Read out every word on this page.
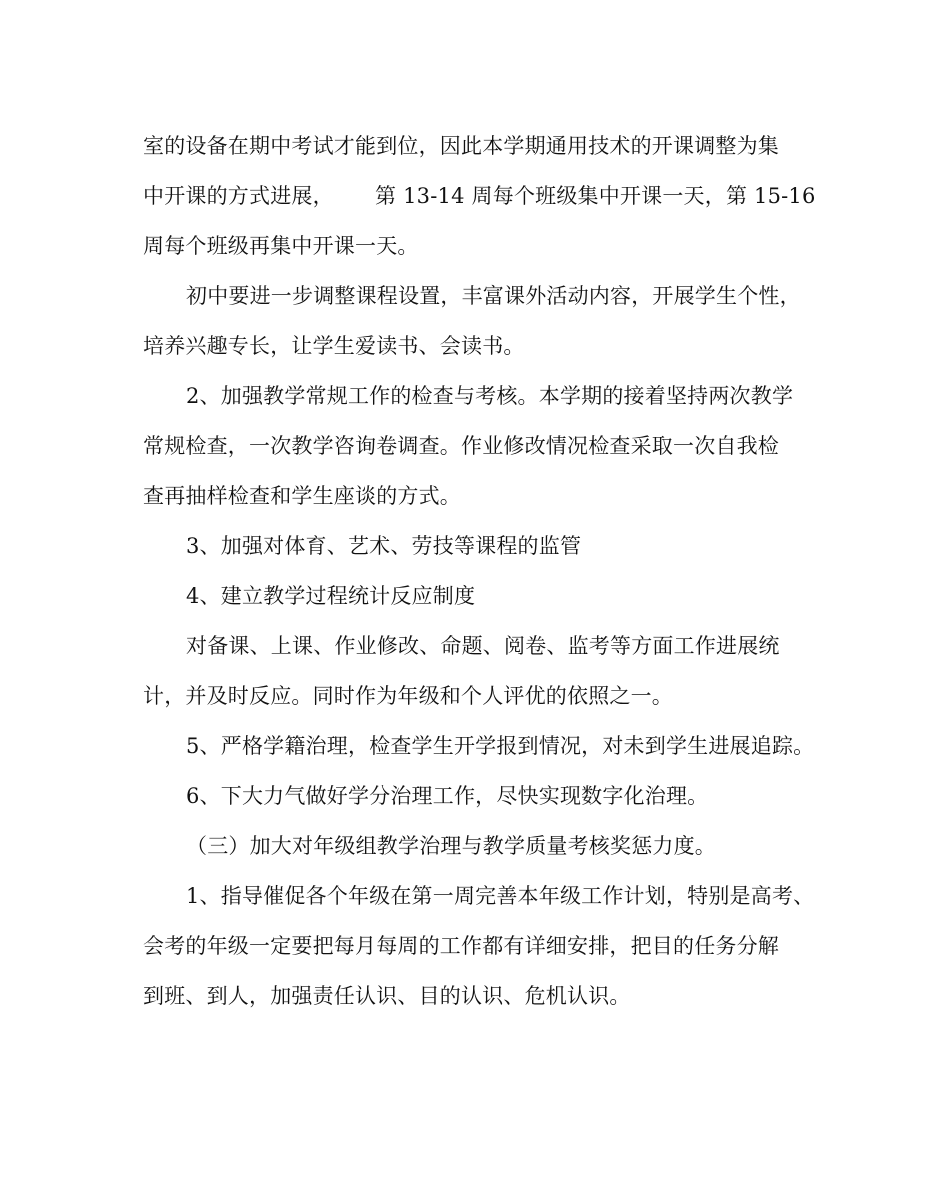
室的设备在期中考试才能到位，因此本学期通用技术的开课调整为集
中开课的方式进展，      第 13-14 周每个班级集中开课一天，第 15-16
周每个班级再集中开课一天。
初中要进一步调整课程设置，丰富课外活动内容，开展学生个性，
培养兴趣专长，让学生爱读书、会读书。
2、加强教学常规工作的检查与考核。本学期的接着坚持两次教学
常规检查，一次教学咨询卷调查。作业修改情况检查采取一次自我检
查再抽样检查和学生座谈的方式。
3、加强对体育、艺术、劳技等课程的监管
4、建立教学过程统计反应制度
对备课、上课、作业修改、命题、阅卷、监考等方面工作进展统
计，并及时反应。同时作为年级和个人评优的依照之一。
5、严格学籍治理，检查学生开学报到情况，对未到学生进展追踪。
6、下大力气做好学分治理工作，尽快实现数字化治理。
（三）加大对年级组教学治理与教学质量考核奖惩力度。
1、指导催促各个年级在第一周完善本年级工作计划，特别是高考、
会考的年级一定要把每月每周的工作都有详细安排，把目的任务分解
到班、到人，加强责任认识、目的认识、危机认识。
